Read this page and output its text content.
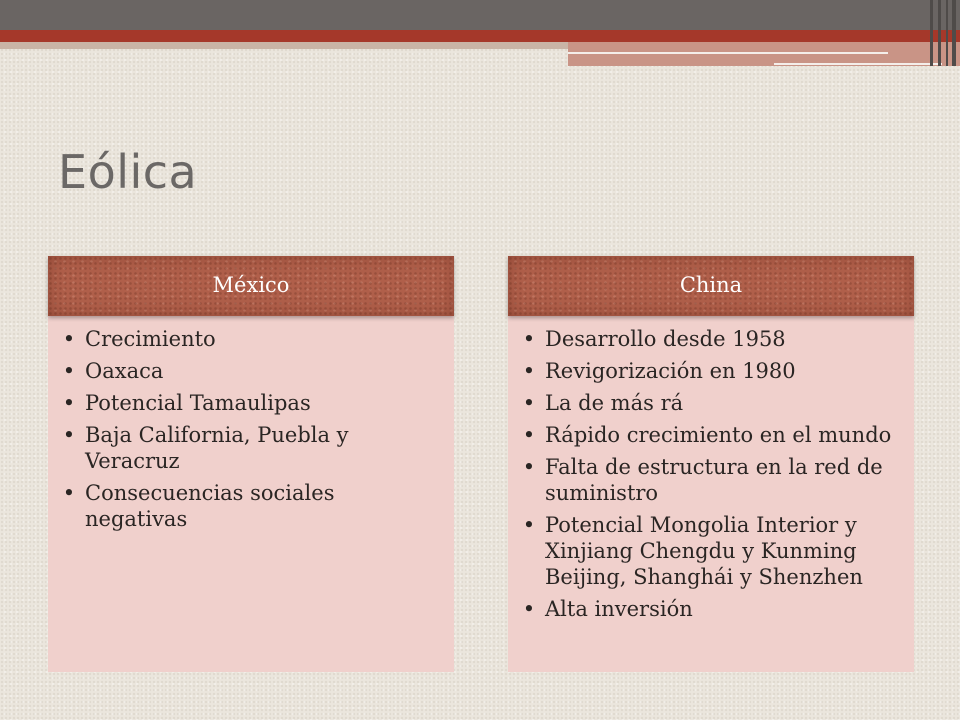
Eólica
México
• Crecimiento
• Oaxaca
• Potencial Tamaulipas
• Baja California, Puebla y Veracruz
• Consecuencias sociales negativas
China
• Desarrollo desde 1958
• Revigorización en 1980
• La de más rá
• Rápido crecimiento en el mundo
• Falta de estructura en la red de suministro
• Potencial Mongolia Interior y Xinjiang Chengdu y Kunming Beijing, Shanghái y Shenzhen
• Alta inversión
